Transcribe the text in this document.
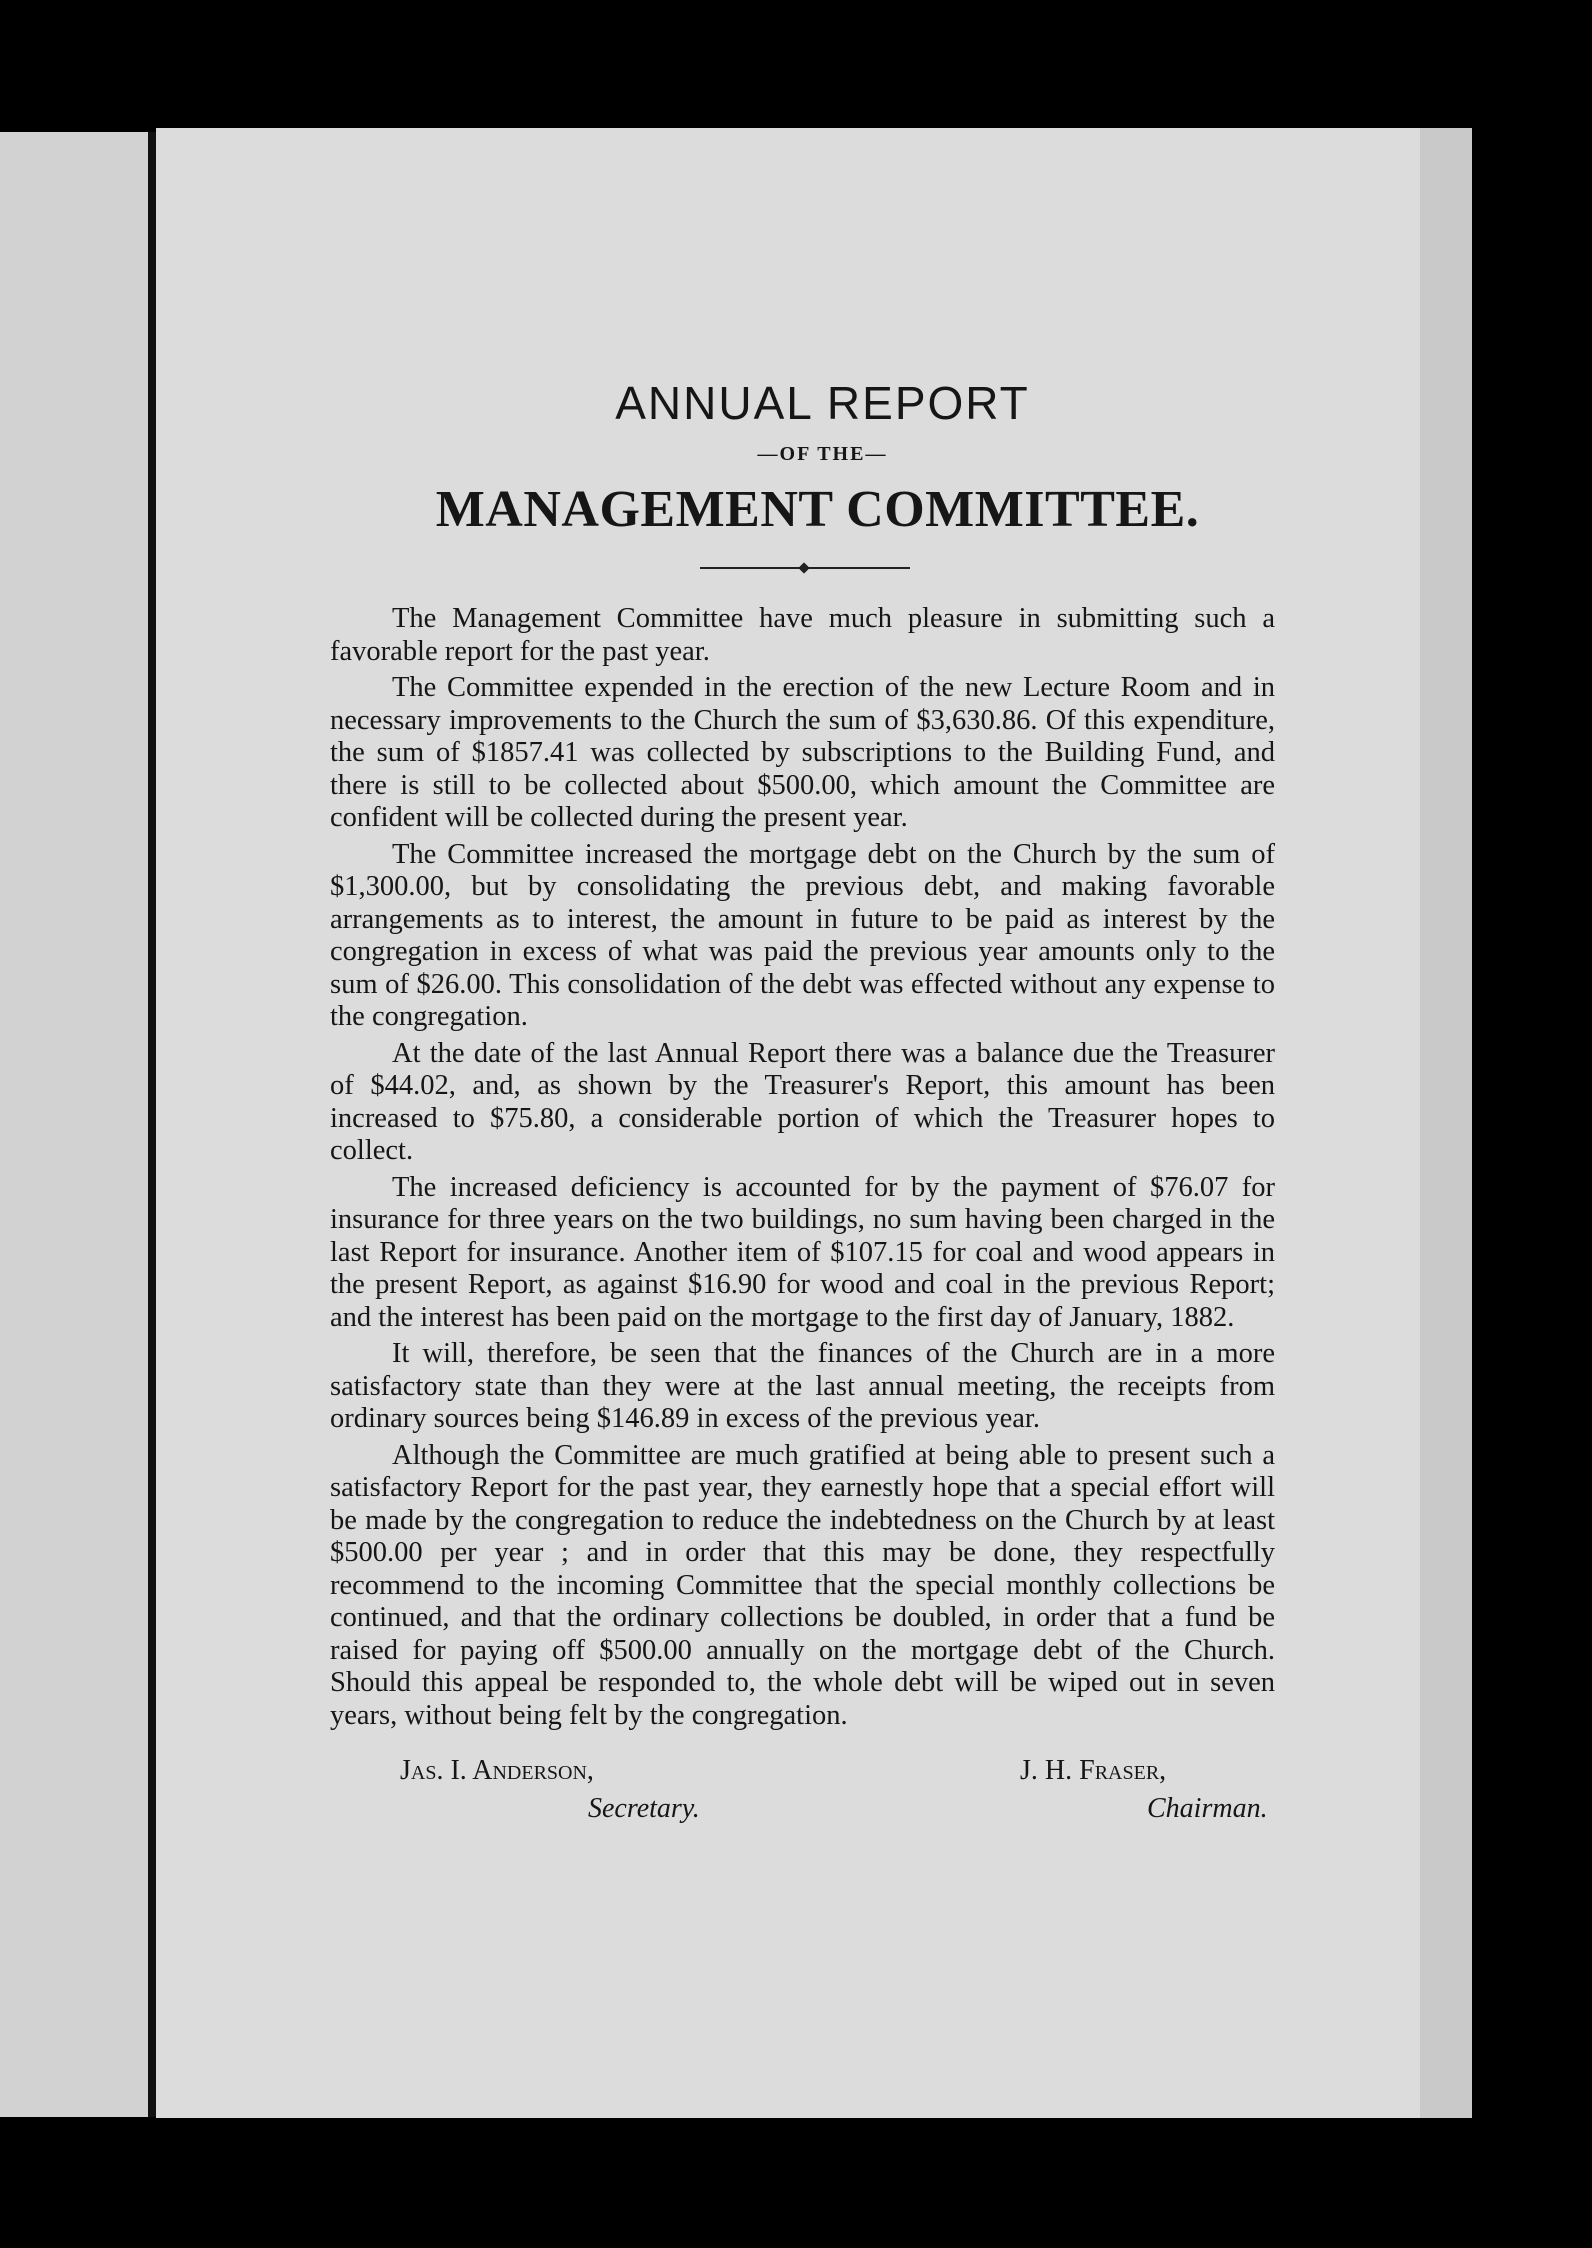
ANNUAL REPORT
—OF THE—
MANAGEMENT COMMITTEE.

The Management Committee have much pleasure in submitting such a favorable report for the past year.

The Committee expended in the erection of the new Lecture Room and in necessary improvements to the Church the sum of $3,630.86. Of this expenditure, the sum of $1857.41 was collected by subscriptions to the Building Fund, and there is still to be collected about $500.00, which amount the Committee are confident will be collected during the present year.

The Committee increased the mortgage debt on the Church by the sum of $1,300.00, but by consolidating the previous debt, and making favorable arrangements as to interest, the amount in future to be paid as interest by the congregation in excess of what was paid the previous year amounts only to the sum of $26.00. This consolidation of the debt was effected without any expense to the congregation.

At the date of the last Annual Report there was a balance due the Treasurer of $44.02, and, as shown by the Treasurer's Report, this amount has been increased to $75.80, a considerable portion of which the Treasurer hopes to collect.

The increased deficiency is accounted for by the payment of $76.07 for insurance for three years on the two buildings, no sum having been charged in the last Report for insurance. Another item of $107.15 for coal and wood appears in the present Report, as against $16.90 for wood and coal in the previous Report; and the interest has been paid on the mortgage to the first day of January, 1882.

It will, therefore, be seen that the finances of the Church are in a more satisfactory state than they were at the last annual meeting, the receipts from ordinary sources being $146.89 in excess of the previous year.

Although the Committee are much gratified at being able to present such a satisfactory Report for the past year, they earnestly hope that a special effort will be made by the congregation to reduce the indebtedness on the Church by at least $500.00 per year ; and in order that this may be done, they respectfully recommend to the incoming Committee that the special monthly collections be continued, and that the ordinary collections be doubled, in order that a fund be raised for paying off $500.00 annually on the mortgage debt of the Church. Should this appeal be responded to, the whole debt will be wiped out in seven years, without being felt by the congregation.

Jas. I. Anderson,
Secretary.
J. H. Fraser,
Chairman.
